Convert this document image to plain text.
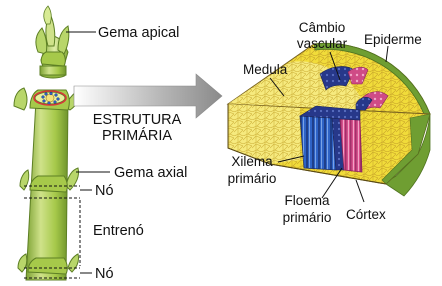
Gema apical
ESTRUTURA
PRIMÁRIA
Gema axial
Nó
Entrenó
Nó
Câmbio
vascular Epiderme
Medula
Xilema
primário
Floema
primário Córtex
